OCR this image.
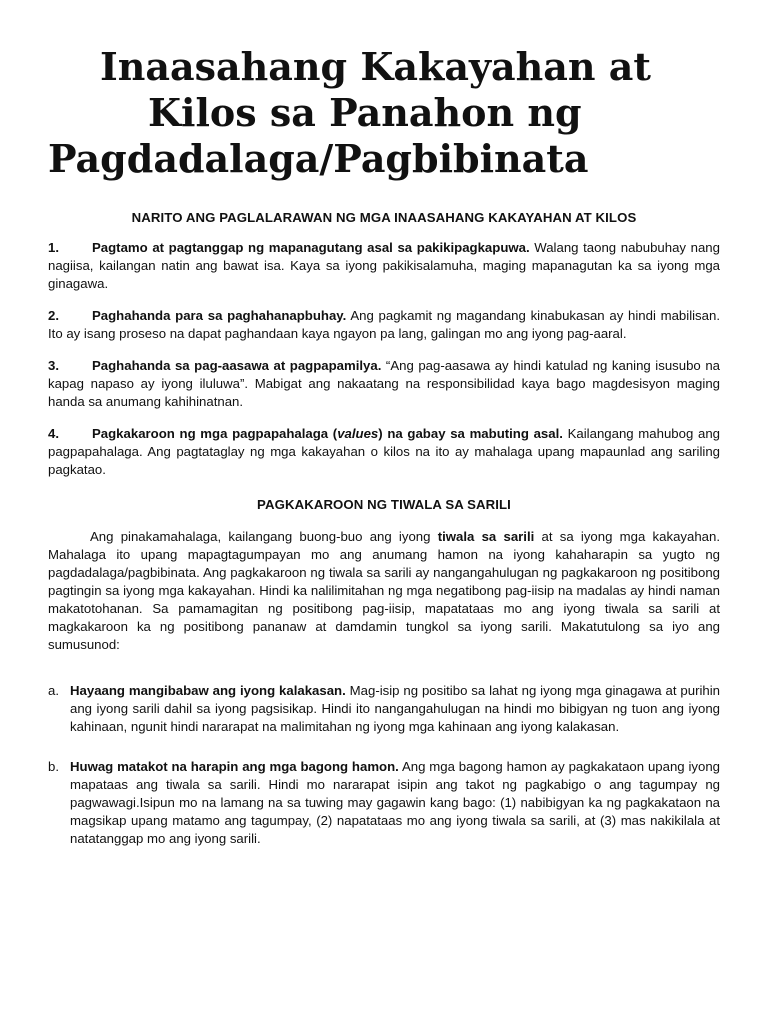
Inaasahang Kakayahan at
Kilos sa Panahon ng
Pagdadalaga/Pagbibinata
NARITO ANG PAGLALARAWAN NG MGA INAASAHANG KAKAYAHAN AT KILOS

1.	Pagtamo at pagtanggap ng mapanagutang asal sa pakikipagkapuwa. Walang taong nabubuhay nang nagiisa, kailangan natin ang bawat isa. Kaya sa iyong pakikisalamuha, maging mapanagutan ka sa iyong mga ginagawa.

2.	Paghahanda para sa paghahanapbuhay. Ang pagkamit ng magandang kinabukasan ay hindi mabilisan. Ito ay isang proseso na dapat paghandaan kaya ngayon pa lang, galingan mo ang iyong pag-aaral.

3.	Paghahanda sa pag-aasawa at pagpapamilya. “Ang pag-aasawa ay hindi katulad ng kaning isusubo na kapag napaso ay iyong iluluwa”. Mabigat ang nakaatang na responsibilidad kaya bago magdesisyon maging handa sa anumang kahihinatnan.

4.	Pagkakaroon ng mga pagpapahalaga (values) na gabay sa mabuting asal. Kailangang mahubog ang pagpapahalaga. Ang pagtataglay ng mga kakayahan o kilos na ito ay mahalaga upang mapaunlad ang sariling pagkatao.

PAGKAKAROON NG TIWALA SA SARILI

Ang pinakamahalaga, kailangang buong-buo ang iyong tiwala sa sarili at sa iyong mga kakayahan. Mahalaga ito upang mapagtagumpayan mo ang anumang hamon na iyong kahaharapin sa yugto ng pagdadalaga/pagbibinata. Ang pagkakaroon ng tiwala sa sarili ay nangangahulugan ng pagkakaroon ng positibong pagtingin sa iyong mga kakayahan. Hindi ka nalilimitahan ng mga negatibong pag-iisip na madalas ay hindi naman makatotohanan. Sa pamamagitan ng positibong pag-iisip, mapatataas mo ang iyong tiwala sa sarili at magkakaroon ka ng positibong pananaw at damdamin tungkol sa iyong sarili. Makatutulong sa iyo ang sumusunod:

a. Hayaang mangibabaw ang iyong kalakasan. Mag-isip ng positibo sa lahat ng iyong mga ginagawa at purihin ang iyong sarili dahil sa iyong pagsisikap. Hindi ito nangangahulugan na hindi mo bibigyan ng tuon ang iyong kahinaan, ngunit hindi nararapat na malimitahan ng iyong mga kahinaan ang iyong kalakasan.
b. Huwag matakot na harapin ang mga bagong hamon. Ang mga bagong hamon ay pagkakataon upang iyong mapataas ang tiwala sa sarili. Hindi mo nararapat isipin ang takot ng pagkabigo o ang tagumpay ng pagwawagi.Isipun mo na lamang na sa tuwing may gagawin kang bago: (1) nabibigyan ka ng pagkakataon na magsikap upang matamo ang tagumpay, (2) napatataas mo ang iyong tiwala sa sarili, at (3) mas nakikilala at natatanggap mo ang iyong sarili.
